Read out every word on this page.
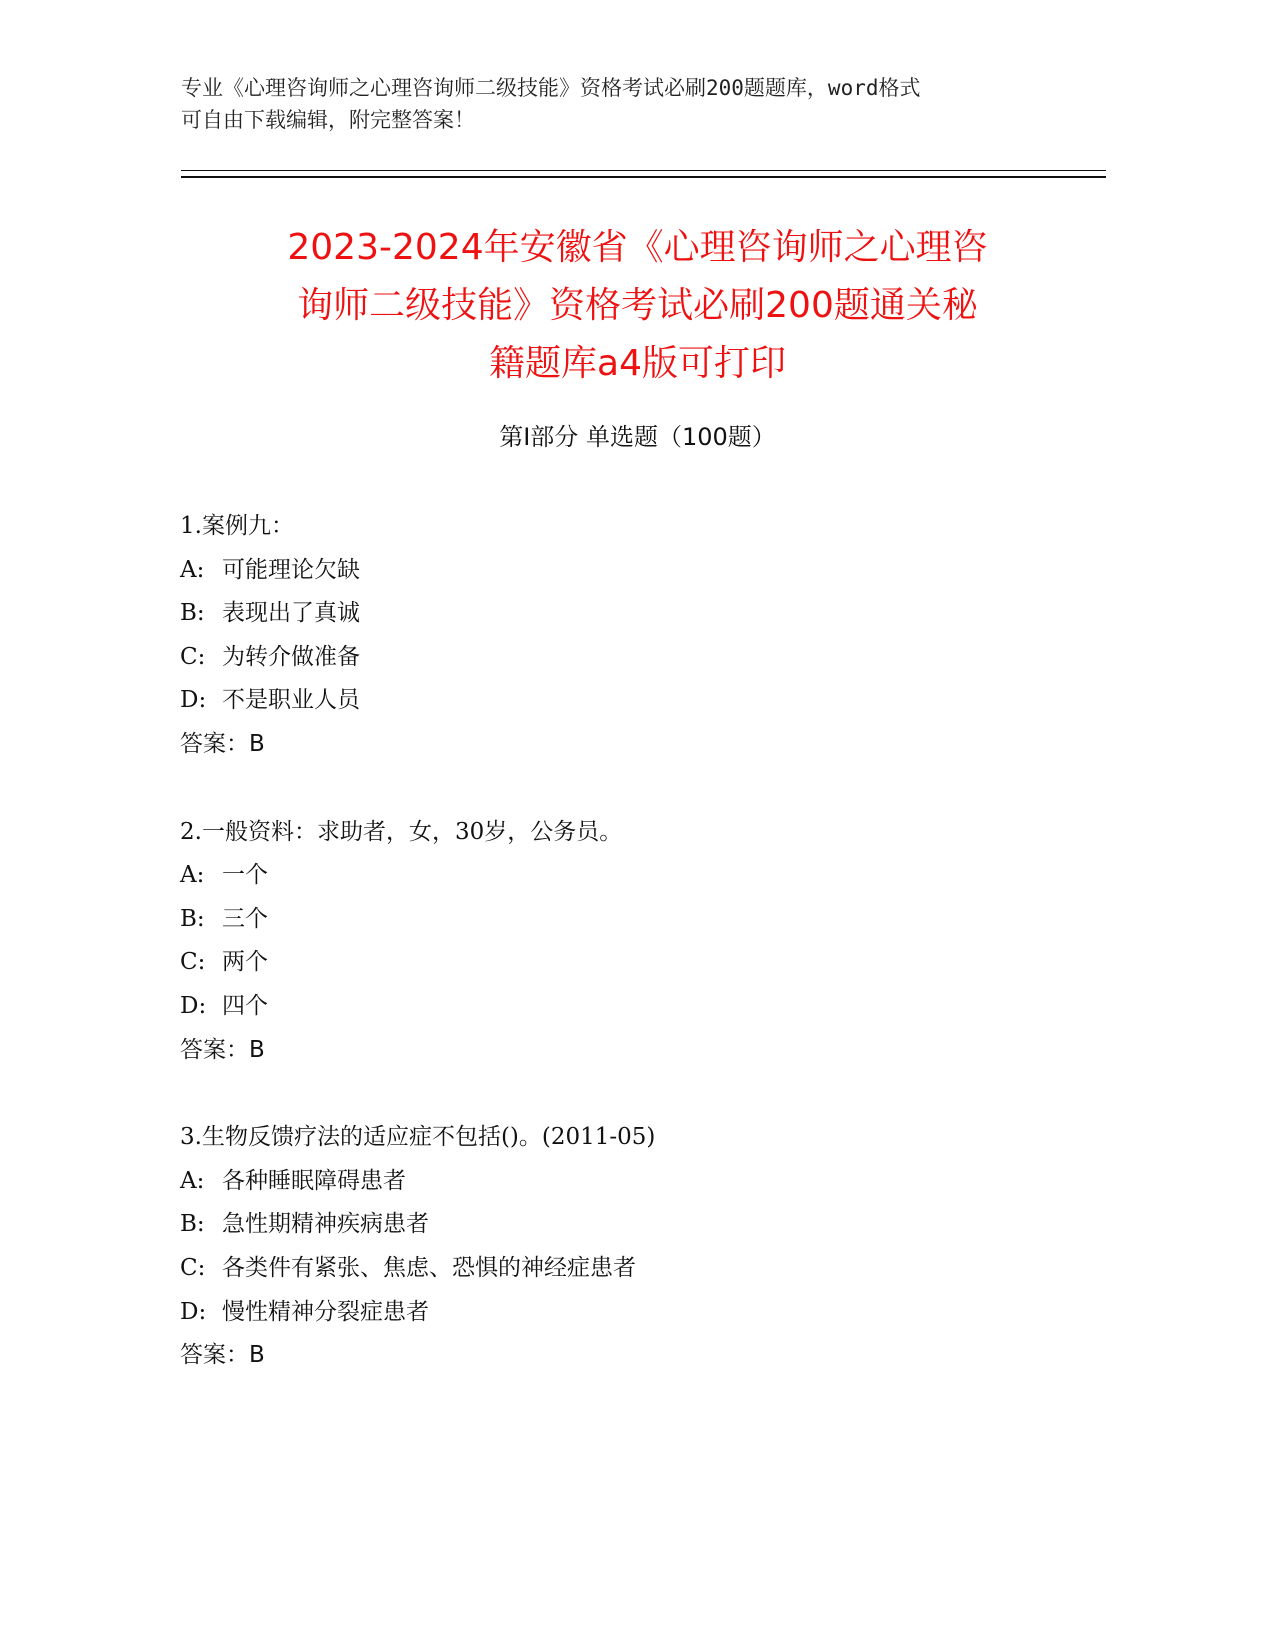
专业《心理咨询师之心理咨询师二级技能》资格考试必刷200题题库，word格式
可自由下载编辑，附完整答案！
2023-2024年安徽省《心理咨询师之心理咨
询师二级技能》资格考试必刷200题通关秘
籍题库a4版可打印
第I部分 单选题（100题）
1.案例九：
A: 可能理论欠缺
B: 表现出了真诚
C: 为转介做准备
D: 不是职业人员
答案：B
2.一般资料：求助者，女，30岁，公务员。
A: 一个
B: 三个
C: 两个
D: 四个
答案：B
3.生物反馈疗法的适应症不包括()。(2011-05)
A: 各种睡眠障碍患者
B: 急性期精神疾病患者
C: 各类件有紧张、焦虑、恐惧的神经症患者
D: 慢性精神分裂症患者
答案：B
